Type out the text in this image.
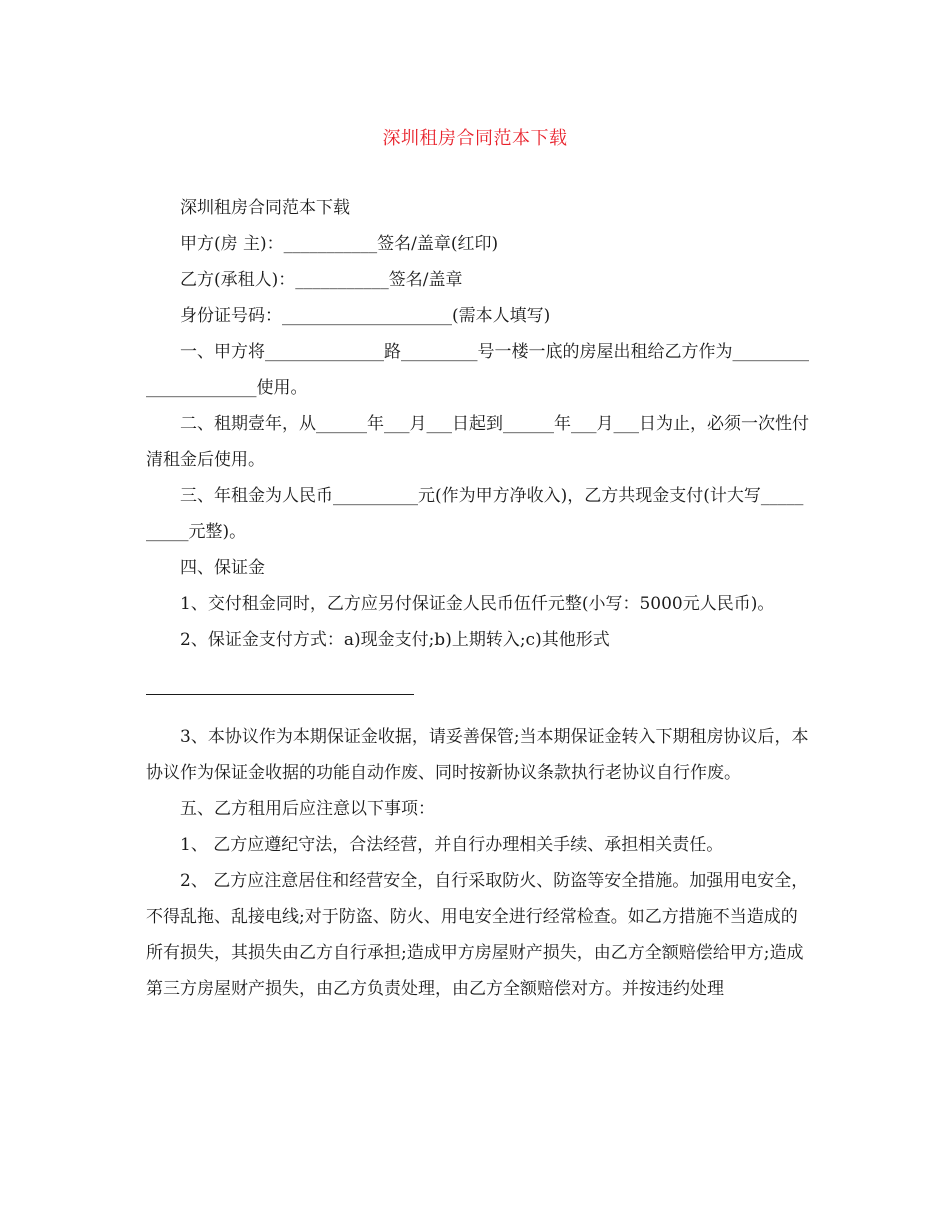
深圳租房合同范本下载

深圳租房合同范本下载

甲方(房 主)：___________签名/盖章(红印)

乙方(承租人)：___________签名/盖章

身份证号码：____________________(需本人填写)

一、甲方将______________路_________号一楼一底的房屋出租给乙方作为______________________使用。

二、租期壹年，从______年___月___日起到______年___月___日为止，必须一次性付清租金后使用。

三、年租金为人民币__________元(作为甲方净收入)，乙方共现金支付(计大写__________元整)。

四、保证金

1、交付租金同时，乙方应另付保证金人民币伍仟元整(小写：5000元人民币)。

2、保证金支付方式：a)现金支付;b)上期转入;c)其他形式

3、本协议作为本期保证金收据，请妥善保管;当本期保证金转入下期租房协议后，本协议作为保证金收据的功能自动作废、同时按新协议条款执行老协议自行作废。

五、乙方租用后应注意以下事项：

1、 乙方应遵纪守法，合法经营，并自行办理相关手续、承担相关责任。

2、 乙方应注意居住和经营安全，自行采取防火、防盗等安全措施。加强用电安全，不得乱拖、乱接电线;对于防盗、防火、用电安全进行经常检查。如乙方措施不当造成的所有损失，其损失由乙方自行承担;造成甲方房屋财产损失，由乙方全额赔偿给甲方;造成第三方房屋财产损失，由乙方负责处理，由乙方全额赔偿对方。并按违约处理
